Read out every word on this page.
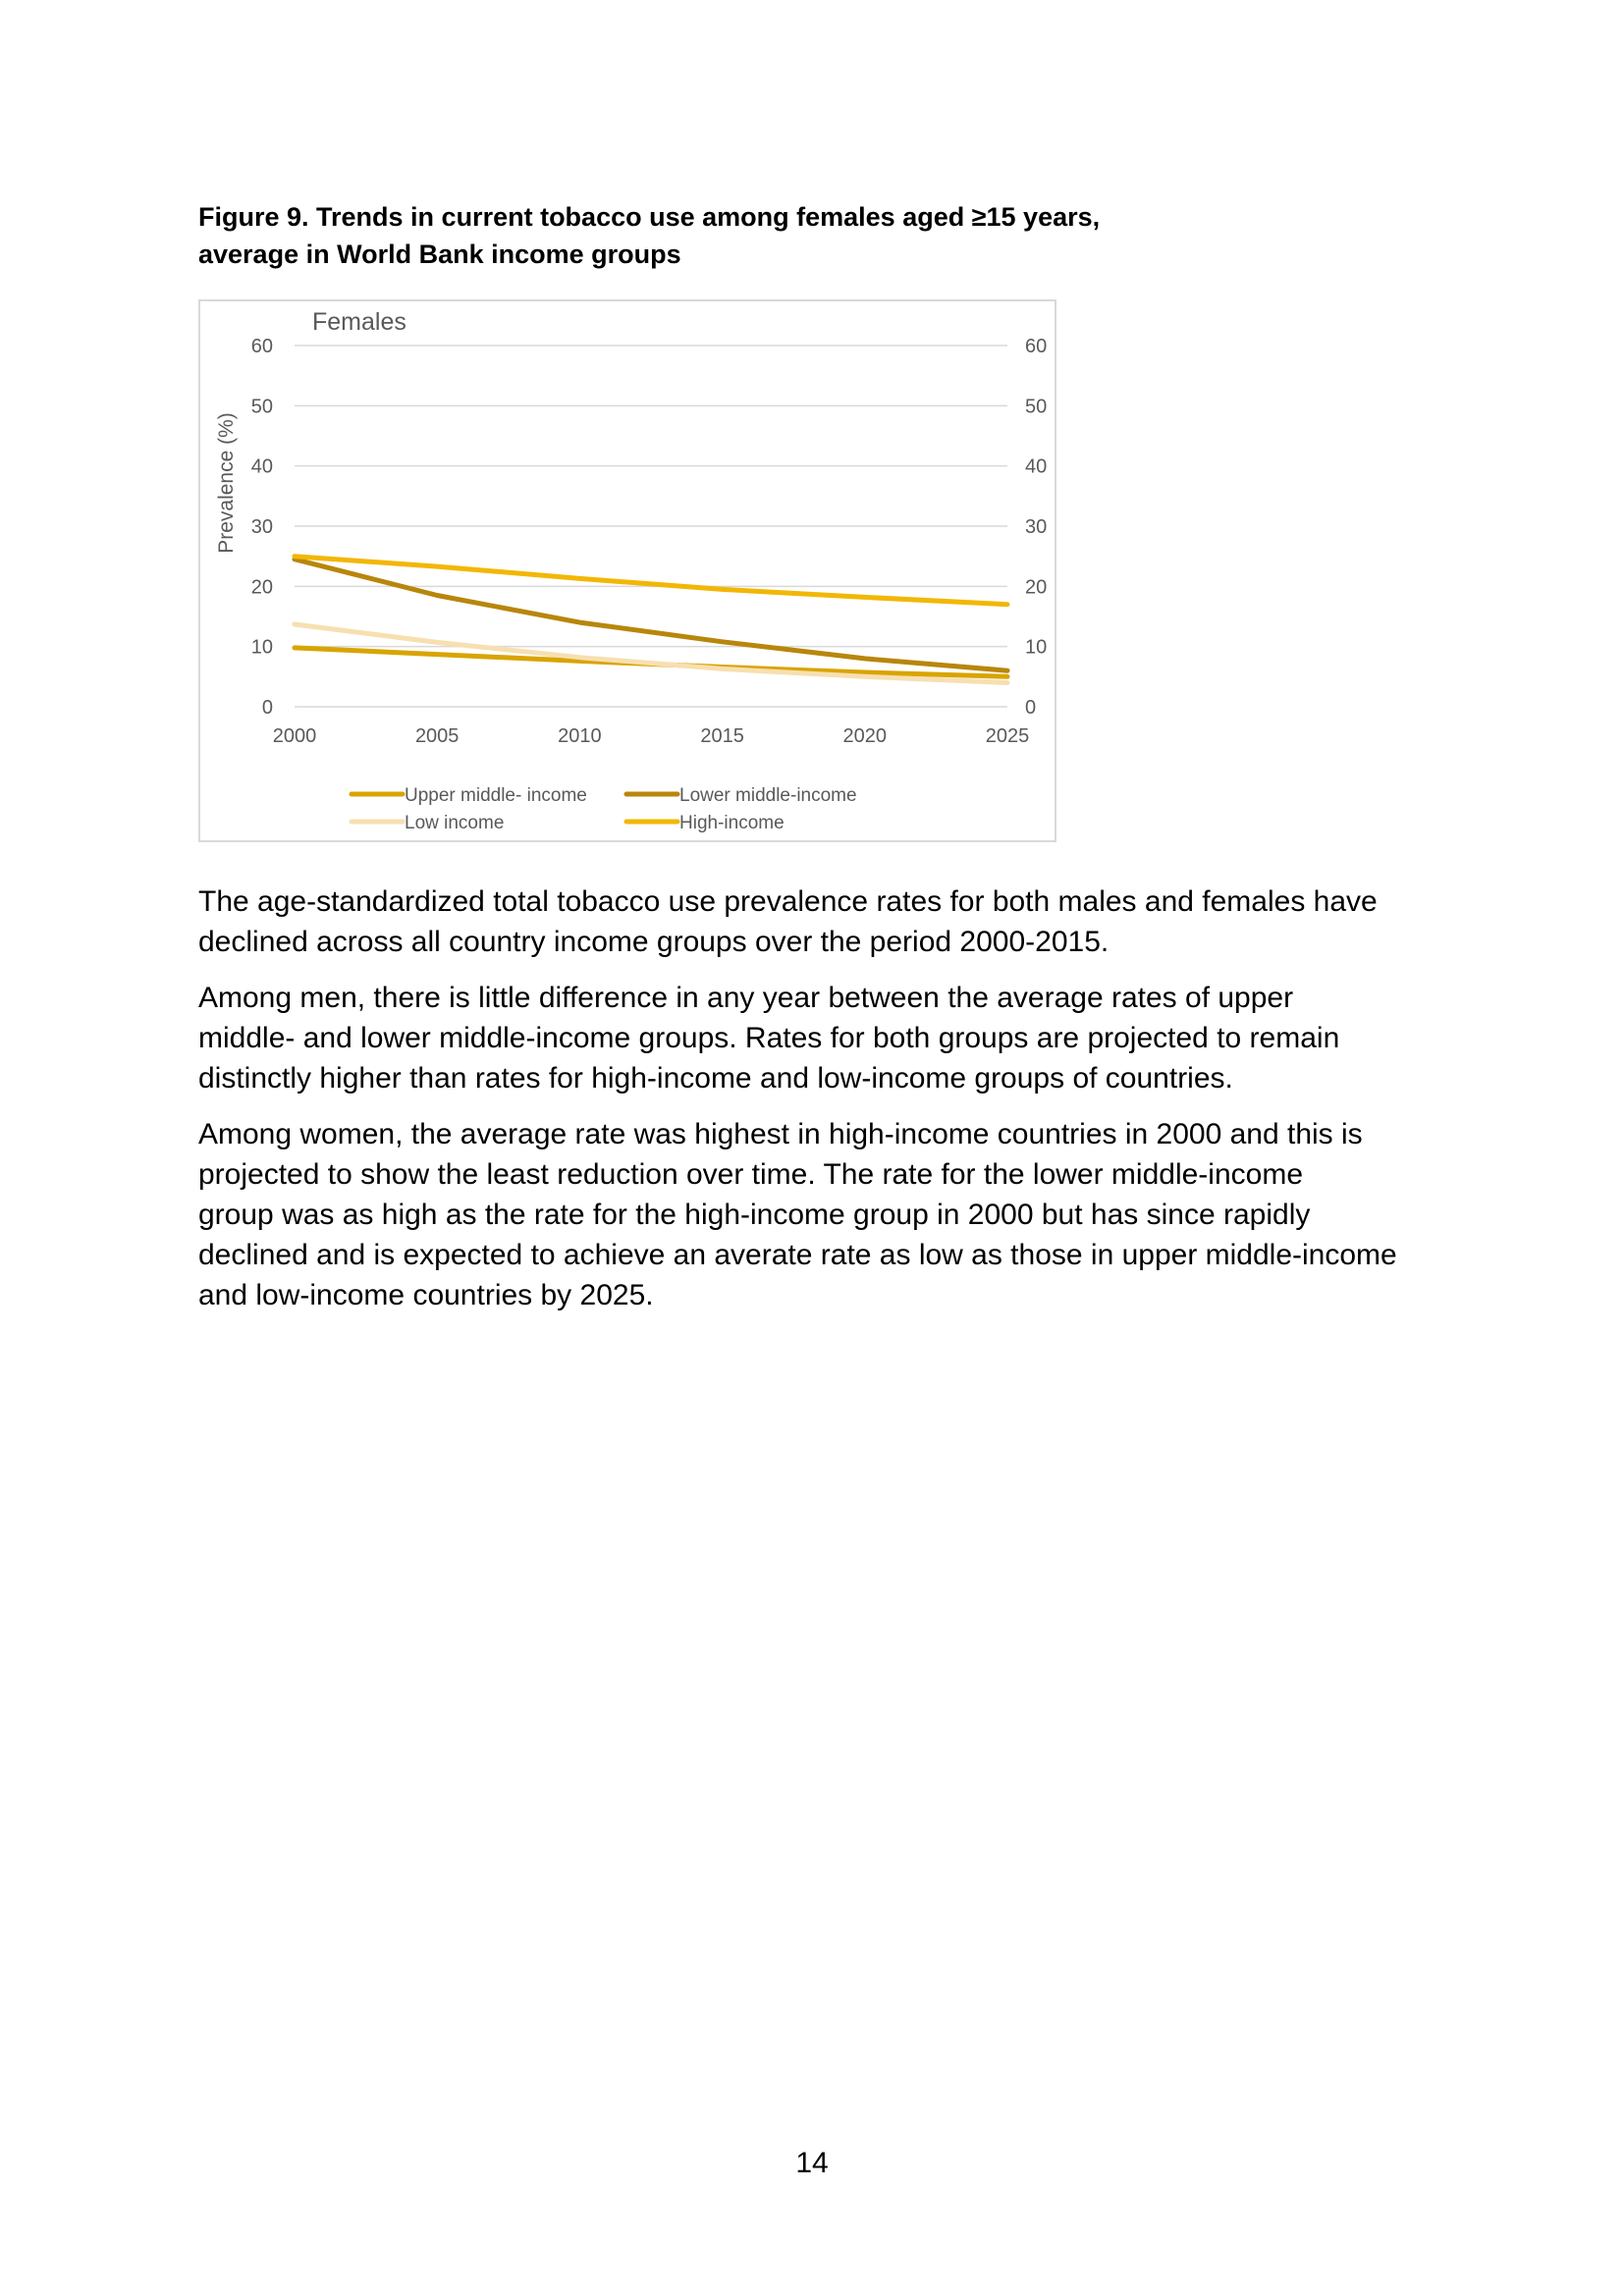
Figure 9. Trends in current tobacco use among females aged ≥15 years,
average in World Bank income groups
0	0
10	10
20	20
30	30
40	40
50	50
60	60
2000	2005	2010	2015	2020	2025
Upper middle- income	Lower middle-income
Low income	High-income
Females
Prevalence (%)

The age-standardized total tobacco use prevalence rates for both males and females have
declined across all country income groups over the period 2000-2015.

Among men, there is little difference in any year between the average rates of upper
middle- and lower middle-income groups. Rates for both groups are projected to remain
distinctly higher than rates for high-income and low-income groups of countries.

Among women, the average rate was highest in high-income countries in 2000 and this is
projected to show the least reduction over time. The rate for the lower middle-income
group was as high as the rate for the high-income group in 2000 but has since rapidly
declined and is expected to achieve an averate rate as low as those in upper middle-income
and low-income countries by 2025.

14
